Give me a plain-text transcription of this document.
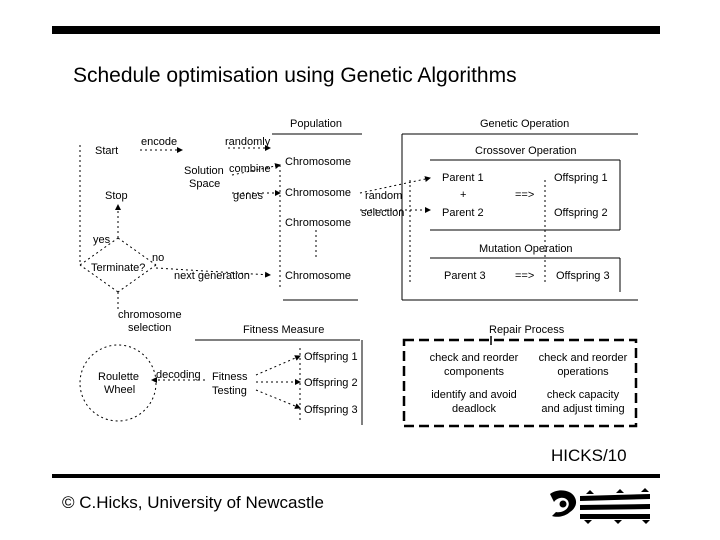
Schedule optimisation using Genetic Algorithms
Start
encode	randomly
Solution
Space
combine
genes
Stop
yes
no
Terminate?
next generation
chromosome
selection
Population
Chromosome
Chromosome
Chromosome
Chromosome
random
selection
Genetic Operation
Crossover Operation
Parent 1
+
Parent 2
==>
Offspring 1
Offspring 2
Mutation Operation
Parent 3	==> Offspring 3
Fitness Measure
Roulette
Wheel
decoding Fitness
Testing
Offspring 1
Offspring 2
Offspring 3
Repair Process
check and reorder
components
check and reorder
operations
identify and avoid
deadlock
check capacity
and adjust timing
HICKS/10
© C.Hicks, University of Newcastle
